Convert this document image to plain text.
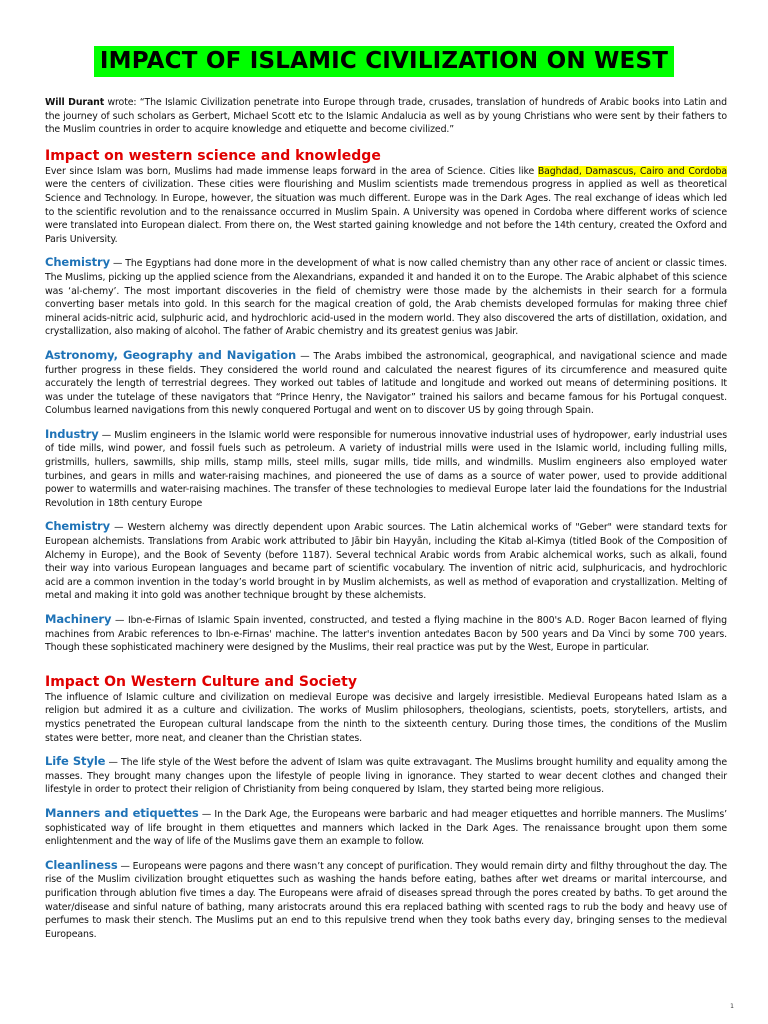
IMPACT OF ISLAMIC CIVILIZATION ON WEST

Will Durant wrote: “The Islamic Civilization penetrate into Europe through trade, crusades, translation of hundreds of Arabic books into Latin and the journey of such scholars as Gerbert, Michael Scott etc to the Islamic Andalucia as well as by young Christians who were sent by their fathers to the Muslim countries in order to acquire knowledge and etiquette and become civilized.”

Impact on western science and knowledge

Ever since Islam was born, Muslims had made immense leaps forward in the area of Science. Cities like Baghdad, Damascus, Cairo and Cordoba were the centers of civilization. These cities were flourishing and Muslim scientists made tremendous progress in applied as well as theoretical Science and Technology. In Europe, however, the situation was much different. Europe was in the Dark Ages. The real exchange of ideas which led to the scientific revolution and to the renaissance occurred in Muslim Spain. A University was opened in Cordoba where different works of science were translated into European dialect. From there on, the West started gaining knowledge and not before the 14th century, created the Oxford and Paris University.

Chemistry — The Egyptians had done more in the development of what is now called chemistry than any other race of ancient or classic times. The Muslims, picking up the applied science from the Alexandrians, expanded it and handed it on to the Europe. The Arabic alphabet of this science was ‘al-chemy’. The most important discoveries in the field of chemistry were those made by the alchemists in their search for a formula converting baser metals into gold. In this search for the magical creation of gold, the Arab chemists developed formulas for making three chief mineral acids-nitric acid, sulphuric acid, and hydrochloric acid-used in the modern world. They also discovered the arts of distillation, oxidation, and crystallization, also making of alcohol. The father of Arabic chemistry and its greatest genius was Jabir.

Astronomy, Geography and Navigation — The Arabs imbibed the astronomical, geographical, and navigational science and made further progress in these fields. They considered the world round and calculated the nearest figures of its circumference and measured quite accurately the length of terrestrial degrees. They worked out tables of latitude and longitude and worked out means of determining positions. It was under the tutelage of these navigators that “Prince Henry, the Navigator” trained his sailors and became famous for his Portugal conquest. Columbus learned navigations from this newly conquered Portugal and went on to discover US by going through Spain.

Industry — Muslim engineers in the Islamic world were responsible for numerous innovative industrial uses of hydropower, early industrial uses of tide mills, wind power, and fossil fuels such as petroleum. A variety of industrial mills were used in the Islamic world, including fulling mills, gristmills, hullers, sawmills, ship mills, stamp mills, steel mills, sugar mills, tide mills, and windmills. Muslim engineers also employed water turbines, and gears in mills and water-raising machines, and pioneered the use of dams as a source of water power, used to provide additional power to watermills and water-raising machines. The transfer of these technologies to medieval Europe later laid the foundations for the Industrial Revolution in 18th century Europe

Chemistry — Western alchemy was directly dependent upon Arabic sources. The Latin alchemical works of "Geber" were standard texts for European alchemists. Translations from Arabic work attributed to Jābir bin Hayyān, including the Kitab al-Kimya (titled Book of the Composition of Alchemy in Europe), and the Book of Seventy (before 1187). Several technical Arabic words from Arabic alchemical works, such as alkali, found their way into various European languages and became part of scientific vocabulary. The invention of nitric acid, sulphuricacis, and hydrochloric acid are a common invention in the today’s world brought in by Muslim alchemists, as well as method of evaporation and crystallization. Melting of metal and making it into gold was another technique brought by these alchemists.

Machinery — Ibn-e-Firnas of Islamic Spain invented, constructed, and tested a flying machine in the 800's A.D. Roger Bacon learned of flying machines from Arabic references to Ibn-e-Firnas' machine. The latter's invention antedates Bacon by 500 years and Da Vinci by some 700 years. Though these sophisticated machinery were designed by the Muslims, their real practice was put by the West, Europe in particular.

Impact On Western Culture and Society

The influence of Islamic culture and civilization on medieval Europe was decisive and largely irresistible. Medieval Europeans hated Islam as a religion but admired it as a culture and civilization. The works of Muslim philosophers, theologians, scientists, poets, storytellers, artists, and mystics penetrated the European cultural landscape from the ninth to the sixteenth century. During those times, the conditions of the Muslim states were better, more neat, and cleaner than the Christian states.

Life Style — The life style of the West before the advent of Islam was quite extravagant. The Muslims brought humility and equality among the masses. They brought many changes upon the lifestyle of people living in ignorance. They started to wear decent clothes and changed their lifestyle in order to protect their religion of Christianity from being conquered by Islam, they started being more religious.

Manners and etiquettes — In the Dark Age, the Europeans were barbaric and had meager etiquettes and horrible manners. The Muslims’ sophisticated way of life brought in them etiquettes and manners which lacked in the Dark Ages. The renaissance brought upon them some enlightenment and the way of life of the Muslims gave them an example to follow.

Cleanliness — Europeans were pagons and there wasn’t any concept of purification. They would remain dirty and filthy throughout the day. The rise of the Muslim civilization brought etiquettes such as washing the hands before eating, bathes after wet dreams or marital intercourse, and purification through ablution five times a day. The Europeans were afraid of diseases spread through the pores created by baths. To get around the water/disease and sinful nature of bathing, many aristocrats around this era replaced bathing with scented rags to rub the body and heavy use of perfumes to mask their stench. The Muslims put an end to this repulsive trend when they took baths every day, bringing senses to the medieval Europeans.

1
